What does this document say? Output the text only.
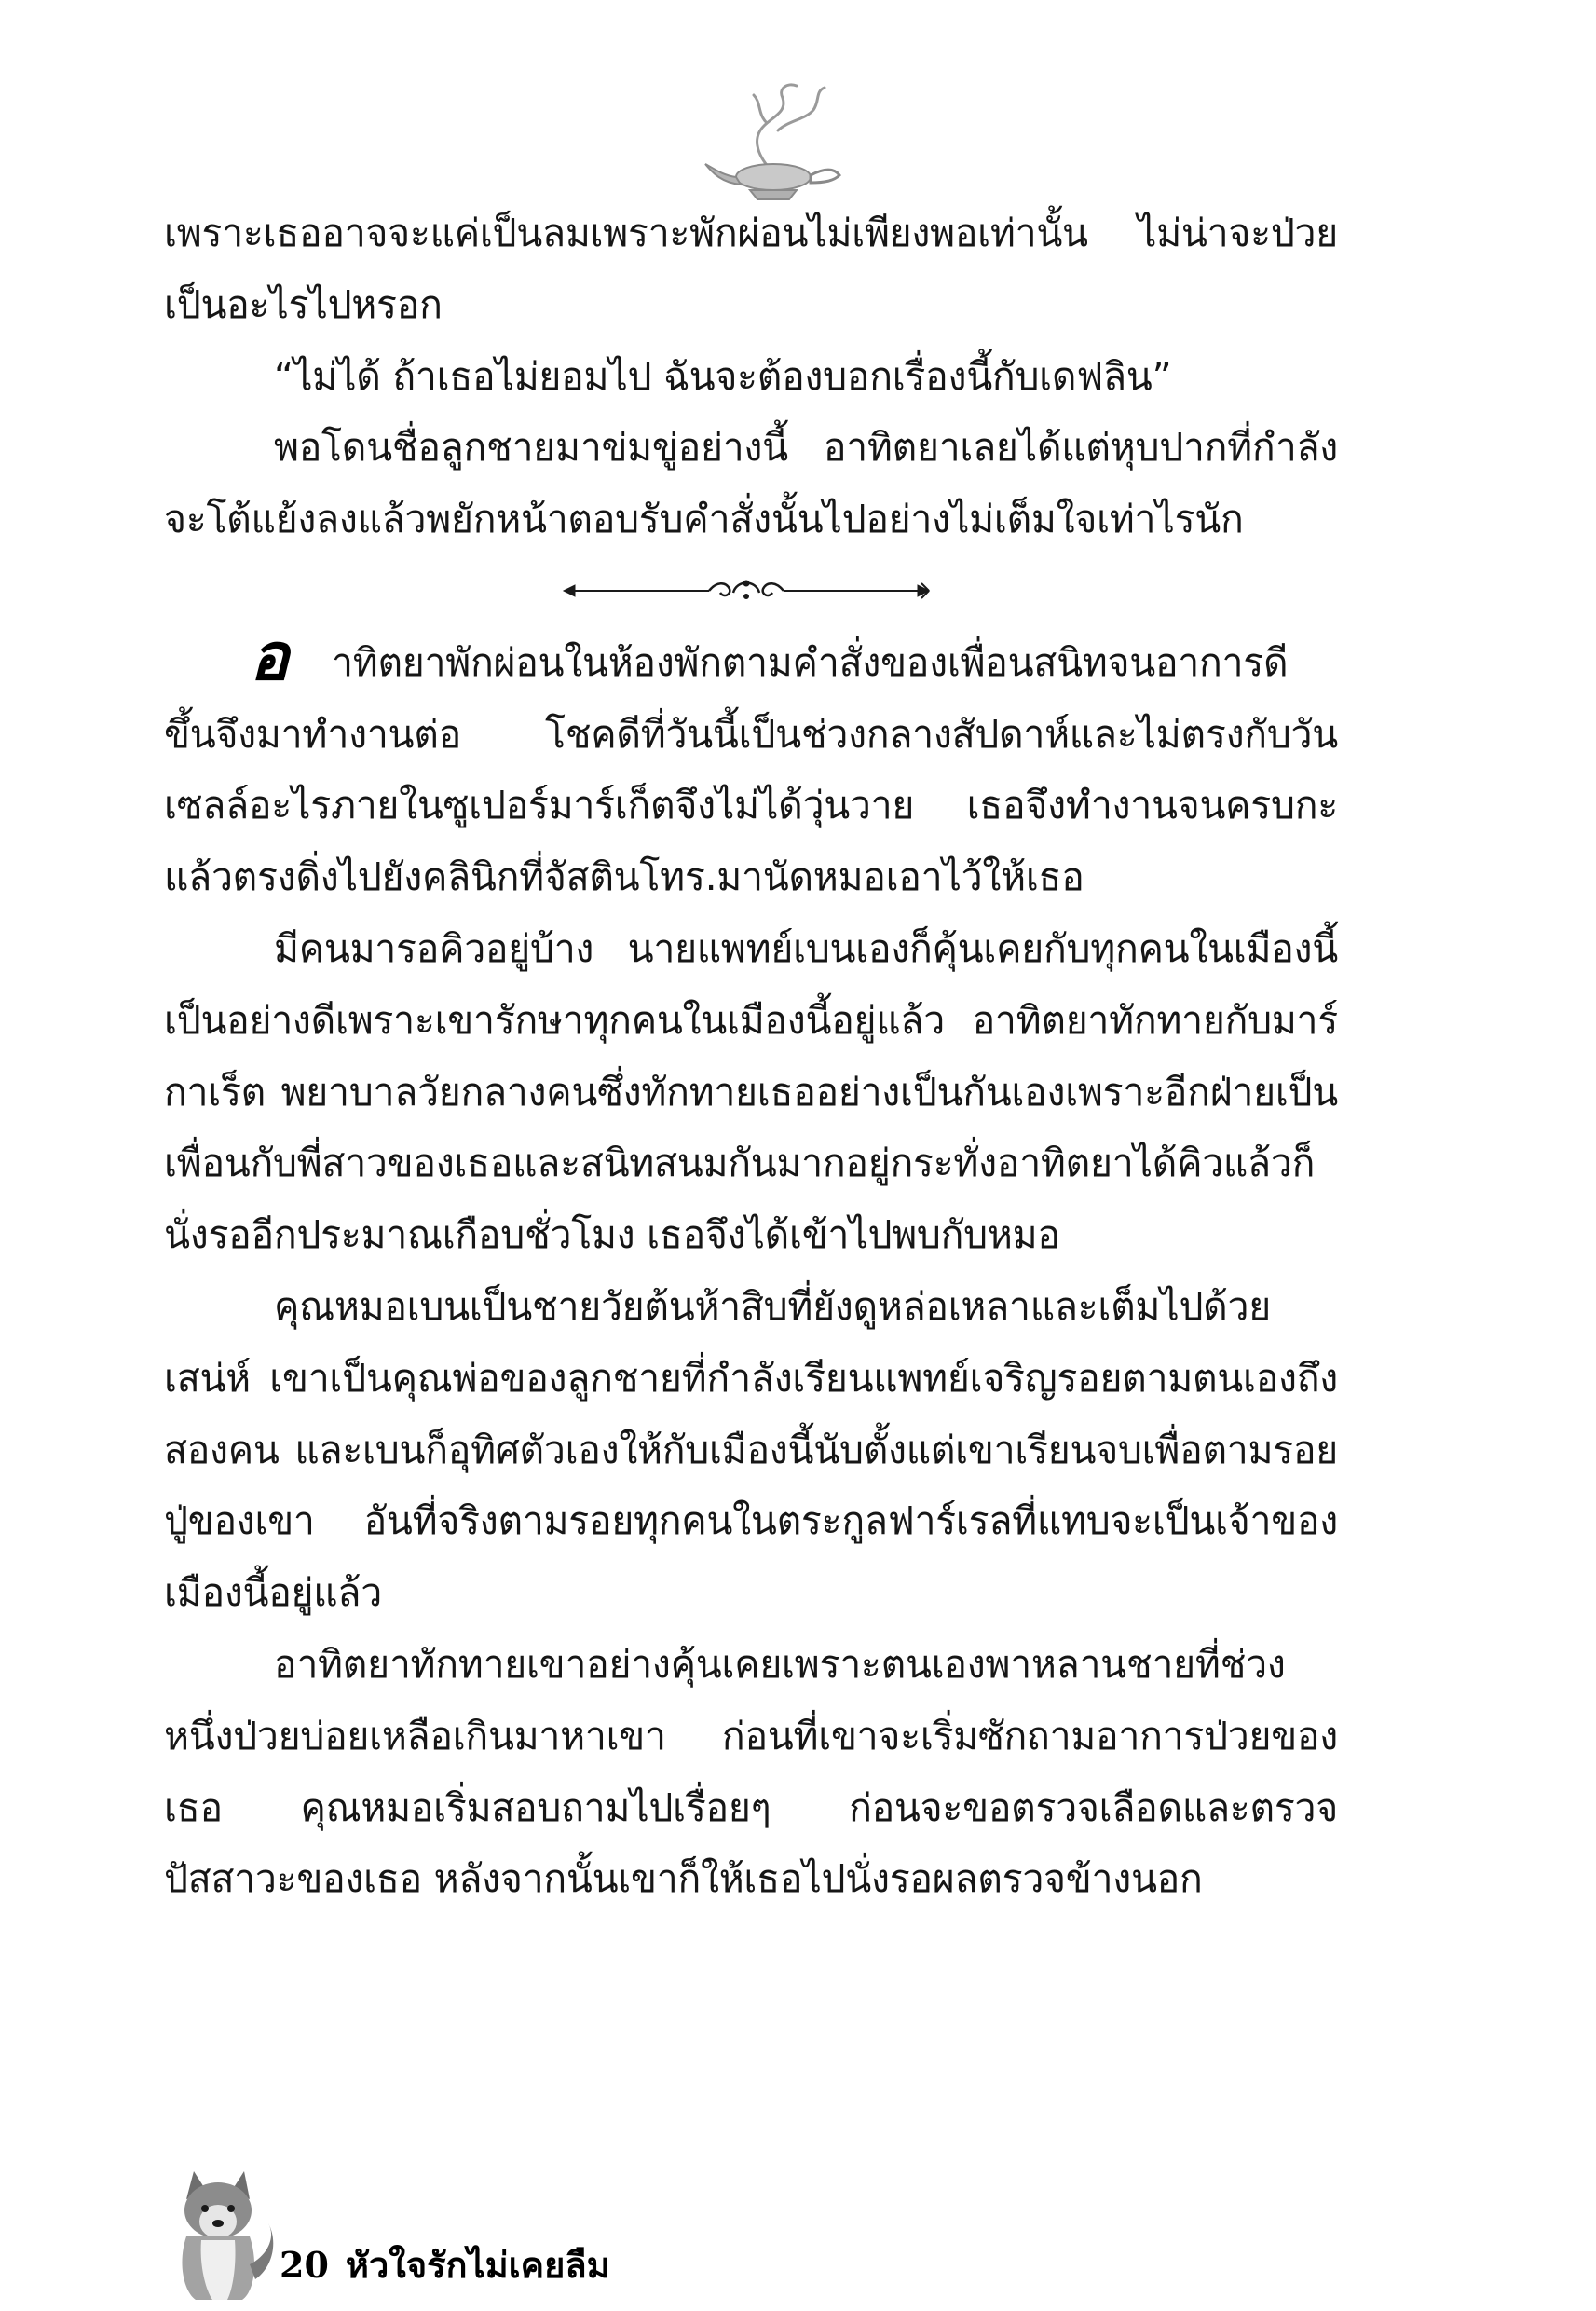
เพราะเธออาจจะแค่เป็นลมเพราะพักผ่อนไม่เพียงพอเท่านั้น ไม่น่าจะป่วยเป็นอะไรไปหรอก

“ไม่ได้ ถ้าเธอไม่ยอมไป ฉันจะต้องบอกเรื่องนี้กับเดฟลิน”

พอโดนชื่อลูกชายมาข่มขู่อย่างนี้ อาทิตยาเลยได้แต่หุบปากที่กำลังจะโต้แย้งลงแล้วพยักหน้าตอบรับคำสั่งนั้นไปอย่างไม่เต็มใจเท่าไรนัก

อ าทิตยาพักผ่อนในห้องพักตามคำสั่งของเพื่อนสนิทจนอาการดีขึ้นจึงมาทำงานต่อ โชคดีที่วันนี้เป็นช่วงกลางสัปดาห์และไม่ตรงกับวันเซลล์อะไรภายในซูเปอร์มาร์เก็ตจึงไม่ได้วุ่นวาย เธอจึงทำงานจนครบกะแล้วตรงดิ่งไปยังคลินิกที่จัสตินโทร.มานัดหมอเอาไว้ให้เธอ

มีคนมารอคิวอยู่บ้าง นายแพทย์เบนเองก็คุ้นเคยกับทุกคนในเมืองนี้เป็นอย่างดีเพราะเขารักษาทุกคนในเมืองนี้อยู่แล้ว อาทิตยาทักทายกับมาร์กาเร็ต พยาบาลวัยกลางคนซึ่งทักทายเธออย่างเป็นกันเองเพราะอีกฝ่ายเป็นเพื่อนกับพี่สาวของเธอและสนิทสนมกันมากอยู่กระทั่งอาทิตยาได้คิวแล้วก็นั่งรออีกประมาณเกือบชั่วโมง เธอจึงได้เข้าไปพบกับหมอ

คุณหมอเบนเป็นชายวัยต้นห้าสิบที่ยังดูหล่อเหลาและเต็มไปด้วยเสน่ห์ เขาเป็นคุณพ่อของลูกชายที่กำลังเรียนแพทย์เจริญรอยตามตนเองถึงสองคน และเบนก็อุทิศตัวเองให้กับเมืองนี้นับตั้งแต่เขาเรียนจบเพื่อตามรอยปู่ของเขา อันที่จริงตามรอยทุกคนในตระกูลฟาร์เรลที่แทบจะเป็นเจ้าของเมืองนี้อยู่แล้ว

อาทิตยาทักทายเขาอย่างคุ้นเคยเพราะตนเองพาหลานชายที่ช่วงหนึ่งป่วยบ่อยเหลือเกินมาหาเขา ก่อนที่เขาจะเริ่มซักถามอาการป่วยของเธอ คุณหมอเริ่มสอบถามไปเรื่อยๆ ก่อนจะขอตรวจเลือดและตรวจปัสสาวะของเธอ หลังจากนั้นเขาก็ให้เธอไปนั่งรอผลตรวจข้างนอก

20 หัวใจรักไม่เคยลืม
